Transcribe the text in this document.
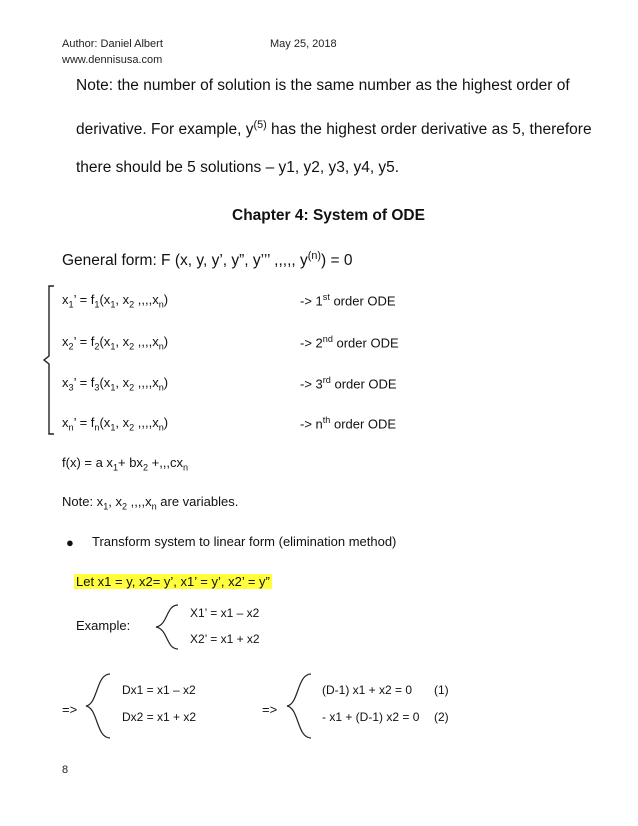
Author: Daniel Albert	May 25, 2018
www.dennisusa.com
Note: the number of solution is the same number as the highest order of
derivative. For example, $y^{(5)}$ has the highest order derivative as 5, therefore
there should be 5 solutions – y1, y2, y3, y4, y5.
Chapter 4: System of ODE
General form: F (x, y, y’, y”, y’’’ ,,,,, $y^{(n)}) = 0$
$x_1$’ = $f_1(x_1$, $x_2$ $,,,,x_n$)	-> 1st order ODE
$x_2$’ = $f_2(x_1$, $x_2$ $,,,,x_n$)	-> 2nd order ODE
$x_3$’ = $f_3(x_1$, $x_2$ $,,,,x_n$)	-> 3rd order ODE
$x_n$’ = $f_n(x_1$, $x_2$ $,,,,x_n$)	-> $n^{th}$ order ODE
f(x) = a $x_1+ bx_2 +,,,cx_n$
Note: $x_1$, $x_2$ $,,,,x_n$ are variables.
● Transform system to linear form (elimination method)
Let x1 = y, x2= y’, x1’ = y’, x2’ = y”
Example:
X1’ = x1 – x2
X2’ = x1 + x2
=>
Dx1 = x1 – x2
Dx2 = x1 + x2	=>
(D-1) x1 + x2 = 0 (1)
- x1 + (D-1) x2 = 0 (2)
8
